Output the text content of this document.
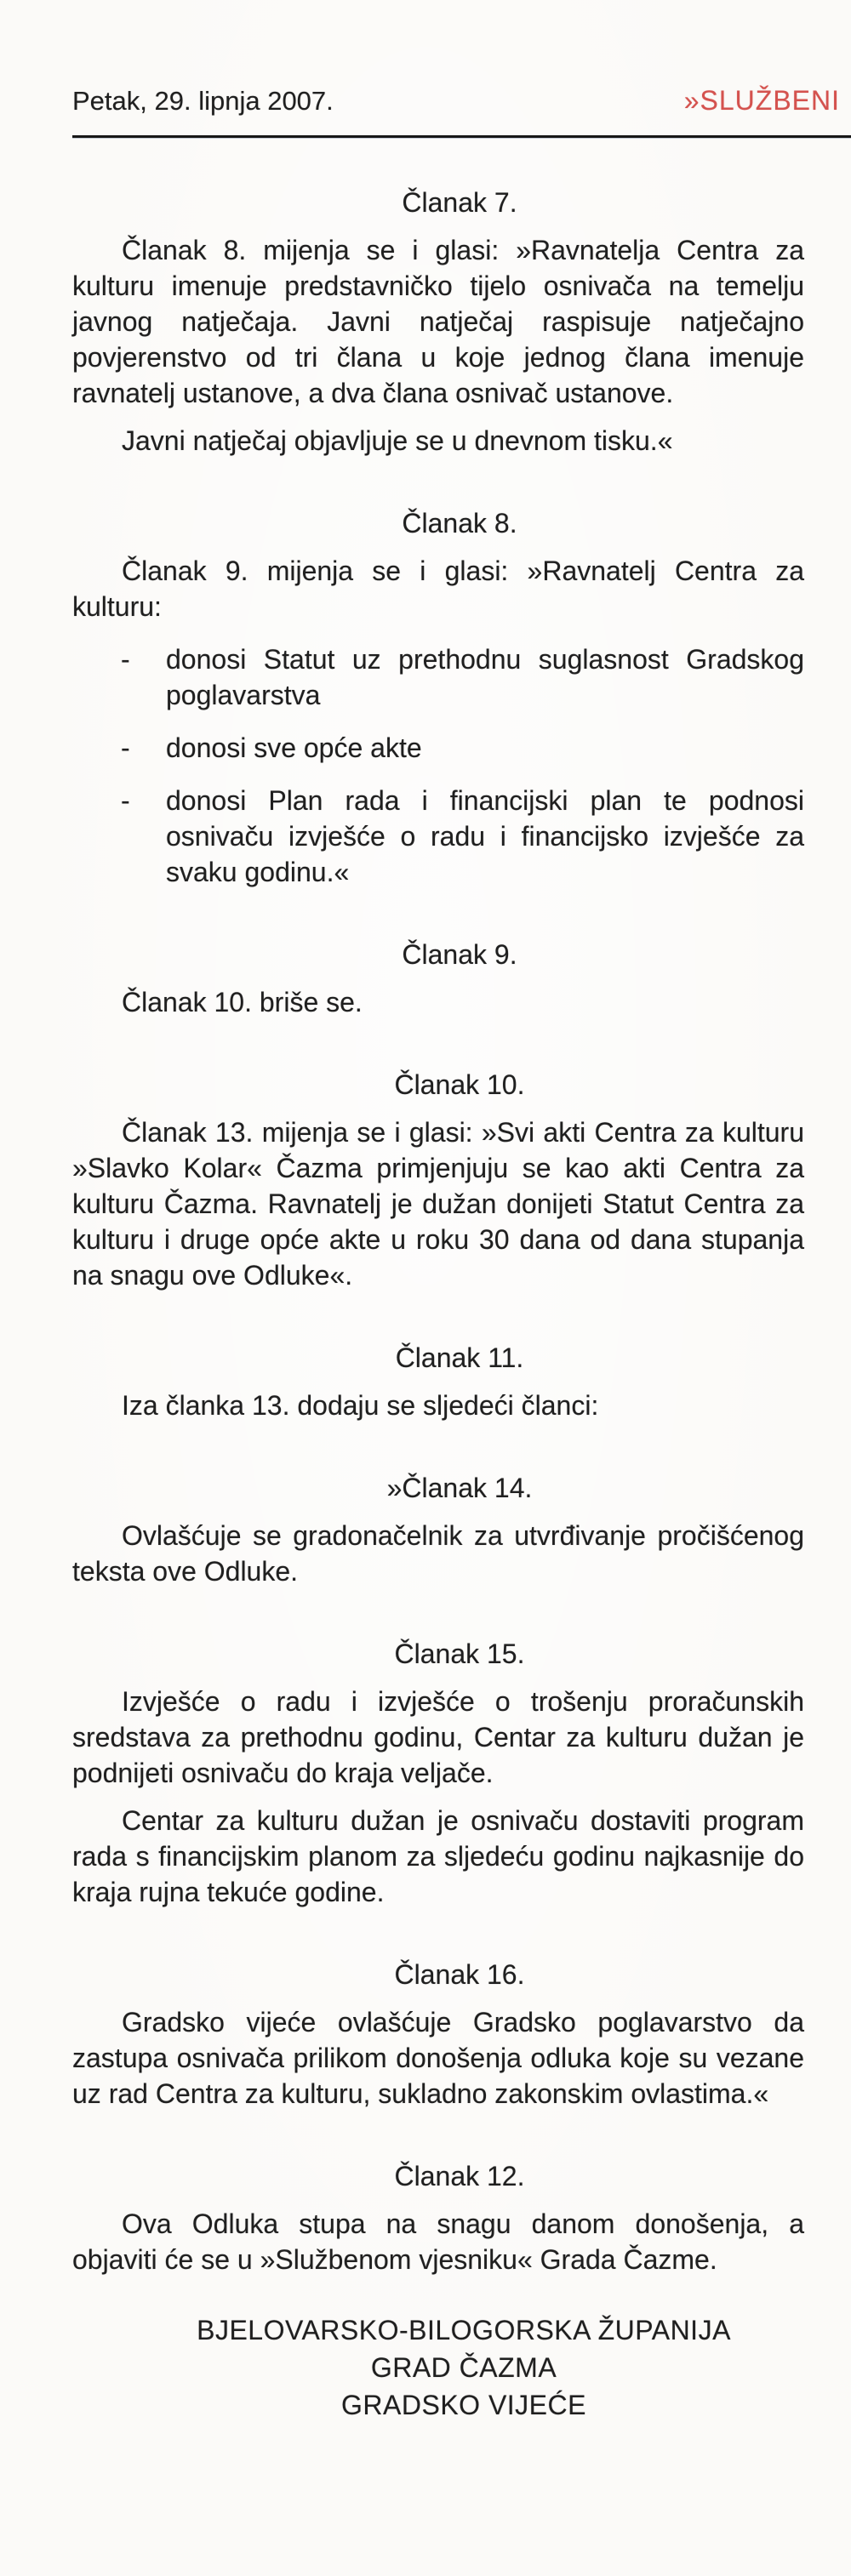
Petak, 29. lipnja 2007.	»SLUŽBENI
Članak 7.

Članak 8. mijenja se i glasi: »Ravnatelja Centra za kulturu imenuje predstavničko tijelo osnivača na temelju javnog natječaja. Javni natječaj raspisuje natječajno povjerenstvo od tri člana u koje jednog člana imenuje ravnatelj ustanove, a dva člana osnivač ustanove.

Javni natječaj objavljuje se u dnevnom tisku.«

Članak 8.

Članak 9. mijenja se i glasi: »Ravnatelj Centra za kulturu:

- donosi Statut uz prethodnu suglasnost Gradskog poglavarstva
- donosi sve opće akte
- donosi Plan rada i financijski plan te podnosi osnivaču izvješće o radu i financijsko izvješće za svaku godinu.«
Članak 9.

Članak 10. briše se.

Članak 10.

Članak 13. mijenja se i glasi: »Svi akti Centra za kulturu »Slavko Kolar« Čazma primjenjuju se kao akti Centra za kulturu Čazma. Ravnatelj je dužan donijeti Statut Centra za kulturu i druge opće akte u roku 30 dana od dana stupanja na snagu ove Odluke«.

Članak 11.

Iza članka 13. dodaju se sljedeći članci:

»Članak 14.

Ovlašćuje se gradonačelnik za utvrđivanje pročišćenog teksta ove Odluke.

Članak 15.

Izvješće o radu i izvješće o trošenju proračunskih sredstava za prethodnu godinu, Centar za kulturu dužan je podnijeti osnivaču do kraja veljače.

Centar za kulturu dužan je osnivaču dostaviti program rada s financijskim planom za sljedeću godinu najkasnije do kraja rujna tekuće godine.

Članak 16.

Gradsko vijeće ovlašćuje Gradsko poglavarstvo da zastupa osnivača prilikom donošenja odluka koje su vezane uz rad Centra za kulturu, sukladno zakonskim ovlastima.«

Članak 12.

Ova Odluka stupa na snagu danom donošenja, a objaviti će se u »Službenom vjesniku« Grada Čazme.

BJELOVARSKO-BILOGORSKA ŽUPANIJA
GRAD ČAZMA
GRADSKO VIJEĆE
